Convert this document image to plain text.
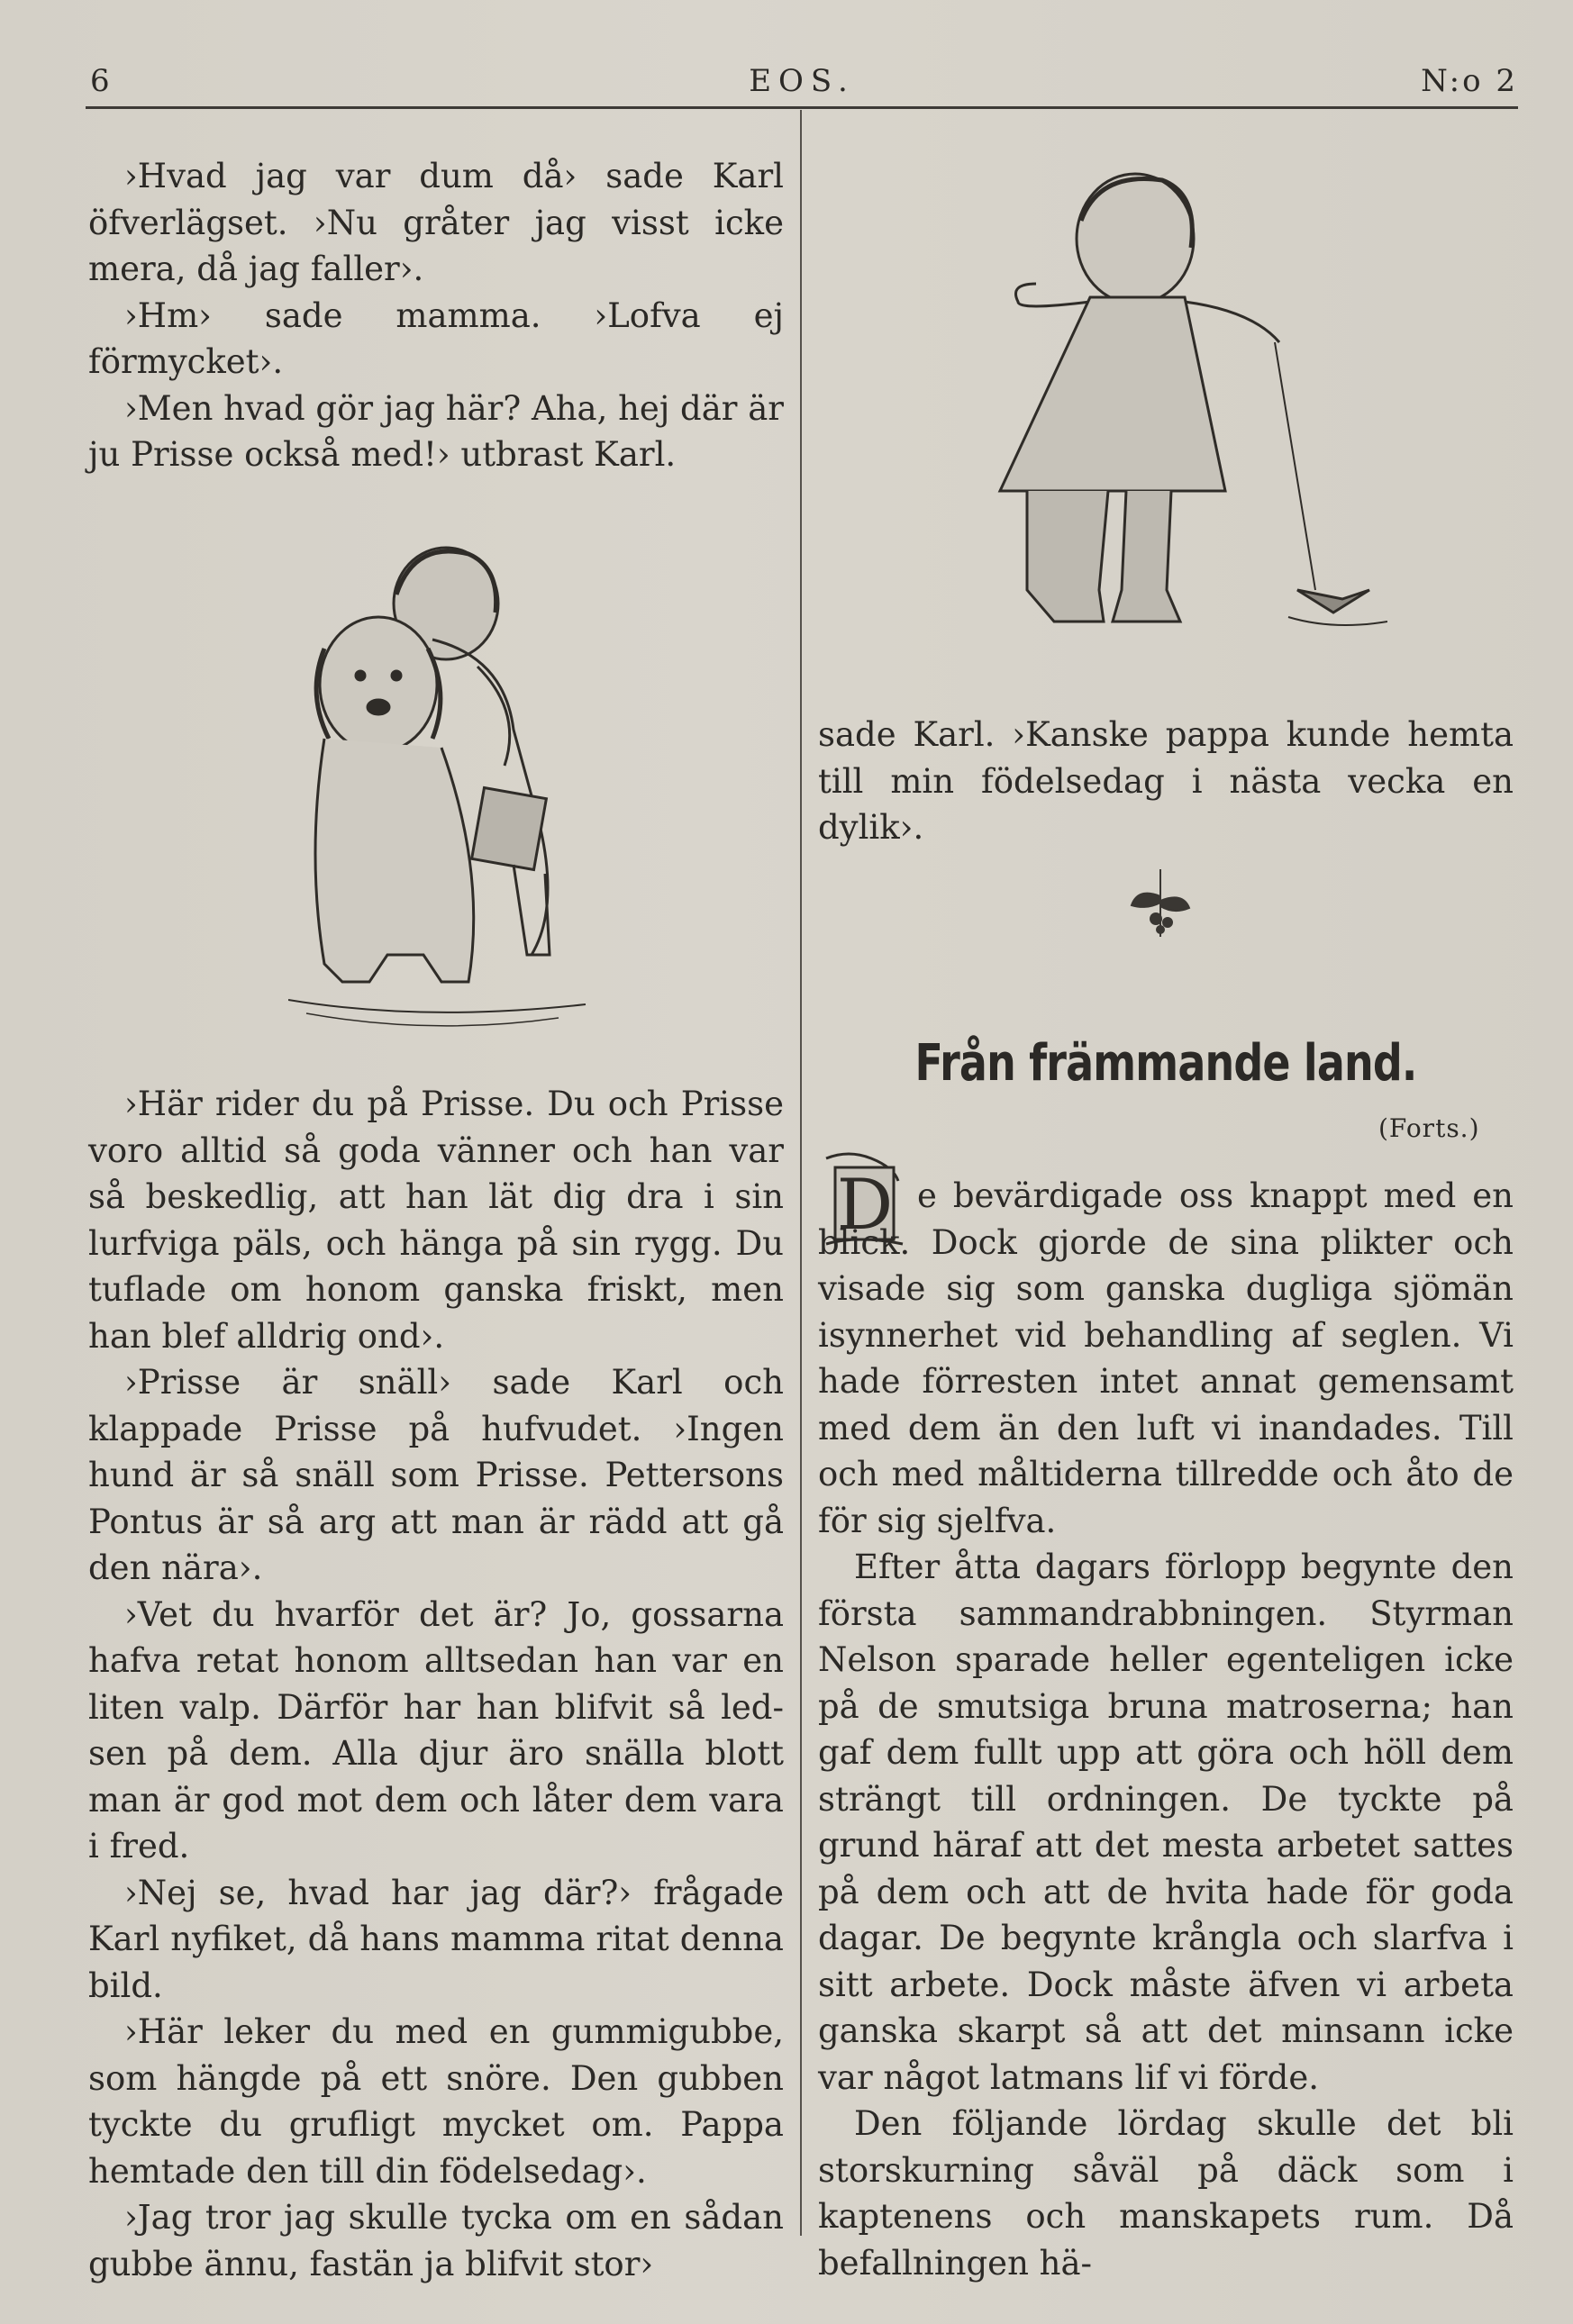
6	EOS.	N:o 2

›Hvad jag var dum då› sade Karl öfverlägset. ›Nu gråter jag visst icke mera, då jag faller›.

›Hm› sade mamma. ›Lofva ej förmycket›.

›Men hvad gör jag här? Aha, hej där är ju Prisse också med!› utbrast Karl.

›Här rider du på Prisse. Du och Prisse voro alltid så goda vänner och han var så beskedlig, att han lät dig dra i sin lurfviga päls, och hänga på sin rygg. Du tuflade om honom ganska friskt, men han blef alldrig ond›.

›Prisse är snäll› sade Karl och klappade Prisse på hufvudet. ›Ingen hund är så snäll som Prisse. Pettersons Pontus är så arg att man är rädd att gå den nära›.

›Vet du hvarför det är? Jo, gossarna hafva retat honom alltsedan han var en liten valp. Därför har han blifvit så led-sen på dem. Alla djur äro snälla blott man är god mot dem och låter dem vara i fred.

›Nej se, hvad har jag där?› frågade Karl nyfiket, då hans mamma ritat denna bild.

›Här leker du med en gummigubbe, som hängde på ett snöre. Den gubben tyckte du grufligt mycket om. Pappa hemtade den till din födelsedag›.

›Jag tror jag skulle tycka om en sådan gubbe ännu, fastän ja blifvit stor›

sade Karl. ›Kanske pappa kunde hemta till min födelsedag i nästa vecka en dylik›.

Från främmande land.
(Forts.)
D e bevärdigade oss knappt med en blick. Dock gjorde de sina plikter och visade sig som ganska dugliga sjömän isynnerhet vid behandling af seglen. Vi hade förresten intet annat gemensamt med dem än den luft vi inandades. Till och med måltiderna tillredde och åto de för sig sjelfva.

Efter åtta dagars förlopp begynte den första sammandrabbningen. Styrman Nelson sparade heller egenteligen icke på de smutsiga bruna matroserna; han gaf dem fullt upp att göra och höll dem strängt till ordningen. De tyckte på grund häraf att det mesta arbetet sattes på dem och att de hvita hade för goda dagar. De begynte krångla och slarfva i sitt arbete. Dock måste äfven vi arbeta ganska skarpt så att det minsann icke var något latmans lif vi förde.

Den följande lördag skulle det bli storskurning såväl på däck som i kaptenens och manskapets rum. Då befallningen hä-
